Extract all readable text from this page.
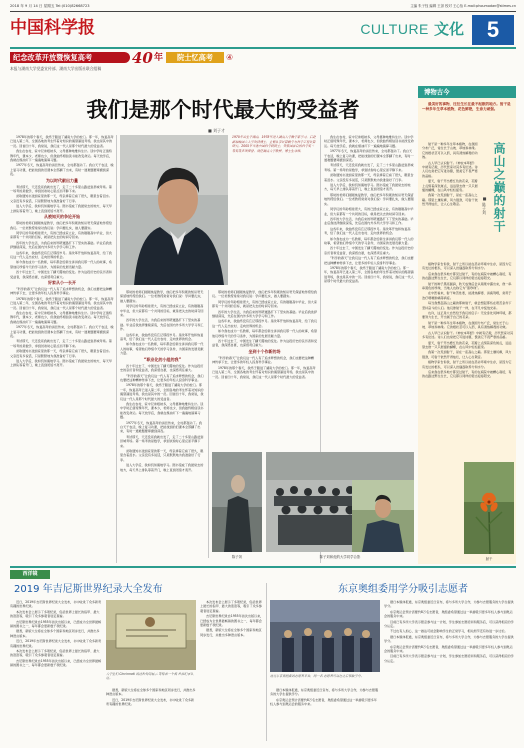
2018 年 9 月 14 日 星期五 Tel:(010)82668723	主编 朱子钰 编辑 王剑 校对 王心怡 E-mail:phoumodan@stimes.cn
中国科学报	CULTURE 文化	5
纪念改革开放暨恢复高考	40 年	院士忆高考	④
本报与湖南大学党委宣传部、湖南大学出版社联合组稿
我们是那个时代最大的受益者
■ 刘子才
1970年出生于湖南，1978年进入湖南大学数学系学习，后赴新加坡国立大学攻读博士，主要从事计算数学与科学工程计算研究。2005年当选中国科学院院士，曾获国家自然科学奖二等奖等多项荣誉。现任湖南大学教授、博士生导师。
1978年的那个春天，我终于踏进了湖南大学的校门。那一年，恢复高考已进入第二年，全国各地的考生怀着对知识的渴望涌进考场，我也是其中的一员。回首四十年，我常说，我们这一代人是那个时代最大的受益者。
我生在农村，家中兄弟姐妹多，父母靠种地维持生计。读中学时正值特殊年代，课本少，老师也少，但我始终相信读书能改变命运。每天放学后，我就在煤油灯下一遍遍地演算习题。
1977年冬天，恢复高考的消息传来，全村都轰动了。我白天干农活，晚上复习功课，把能找到的旧课本全部翻了出来，有时一道难题要琢磨到深夜。
为以时代献出力量
考试那天，天还没亮我就出发了，走了二十多里山路赶到县城考场。第一场考的是数学，拿到试卷时心里反而平静下来。
录取通知书送到家里的那一天，母亲捧着它看了很久，眼里含着泪水。父亲没有多说话，只是默默地为我准备好了行李。
进入大学后，我如饥似渴地学习。图书馆成了我最常去的地方，每天早上排队等着开门，晚上直到闭馆才离开。
从被知天的争论开始
那时的老师们刚刚恢复教学，他们把多年积累的知识毫无保留地传授给我们。一位老教授常常对我们说：学问要扎实，做人要踏实。
同学们的年龄相差很大，有的已经成家立业，有的刚刚高中毕业，但大家都有一个共同的目标，就是把失去的时间夺回来。
四年的大学生活，为我后来的科研道路打下了坚实的基础。毕业后我选择继续深造，先后在国内外多所大学学习和工作。
这些年来，我始终没有忘记那段岁月。是改革开放和恢复高考，给了我们这一代人走出农村、走向世界的机会。
如今我也成为一名教师，每年都会给新生讲讲我们那一代人的故事，希望他们珍惜今天的学习条件，为国家的发展贡献力量。
四十年过去了，中国发生了翻天覆地的变化。作为这段历史的亲历者和受益者，我深感自豪，也深感责任重大。
好家从小一长开
“科学的春天”让我们这一代人有了追求梦想的机会，我们也要把这种精神传承下去，让更多的年轻人投身科学事业。
1978年的那个春天，我终于踏进了湖南大学的校门。那一年，恢复高考已进入第二年，全国各地的考生怀着对知识的渴望涌进考场，我也是其中的一员。回首四十年，我常说，我们这一代人是那个时代最大的受益者。
我生在农村，家中兄弟姐妹多，父母靠种地维持生计。读中学时正值特殊年代，课本少，老师也少，但我始终相信读书能改变命运。每天放学后，我就在煤油灯下一遍遍地演算习题。
1977年冬天，恢复高考的消息传来，全村都轰动了。我白天干农活，晚上复习功课，把能找到的旧课本全部翻了出来，有时一道难题要琢磨到深夜。
考试那天，天还没亮我就出发了，走了二十多里山路赶到县城考场。第一场考的是数学，拿到试卷时心里反而平静下来。
录取通知书送到家里的那一天，母亲捧着它看了很久，眼里含着泪水。父亲没有多说话，只是默默地为我准备好了行李。
进入大学后，我如饥似渴地学习。图书馆成了我最常去的地方，每天早上排队等着开门，晚上直到闭馆才离开。
那时的老师们刚刚恢复教学，他们把多年积累的知识毫无保留地传授给我们。一位老教授常常对我们说：学问要扎实，做人要踏实。
同学们的年龄相差很大，有的已经成家立业，有的刚刚高中毕业，但大家都有一个共同的目标，就是把失去的时间夺回来。
四年的大学生活，为我后来的科研道路打下了坚实的基础。毕业后我选择继续深造，先后在国内外多所大学学习和工作。
这些年来，我始终没有忘记那段岁月。是改革开放和恢复高考，给了我们这一代人走出农村、走向世界的机会。
如今我也成为一名教师，每年都会给新生讲讲我们那一代人的故事，希望他们珍惜今天的学习条件，为国家的发展贡献力量。
“职业化的小组的我”
四十年过去了，中国发生了翻天覆地的变化。作为这段历史的亲历者和受益者，我深感自豪，也深感责任重大。
“科学的春天”让我们这一代人有了追求梦想的机会，我们也要把这种精神传承下去，让更多的年轻人投身科学事业。
1978年的那个春天，我终于踏进了湖南大学的校门。那一年，恢复高考已进入第二年，全国各地的考生怀着对知识的渴望涌进考场，我也是其中的一员。回首四十年，我常说，我们这一代人是那个时代最大的受益者。
我生在农村，家中兄弟姐妹多，父母靠种地维持生计。读中学时正值特殊年代，课本少，老师也少，但我始终相信读书能改变命运。每天放学后，我就在煤油灯下一遍遍地演算习题。
1977年冬天，恢复高考的消息传来，全村都轰动了。我白天干农活，晚上复习功课，把能找到的旧课本全部翻了出来，有时一道难题要琢磨到深夜。
考试那天，天还没亮我就出发了，走了二十多里山路赶到县城考场。第一场考的是数学，拿到试卷时心里反而平静下来。
录取通知书送到家里的那一天，母亲捧着它看了很久，眼里含着泪水。父亲没有多说话，只是默默地为我准备好了行李。
进入大学后，我如饥似渴地学习。图书馆成了我最常去的地方，每天早上排队等着开门，晚上直到闭馆才离开。
那时的老师们刚刚恢复教学，他们把多年积累的知识毫无保留地传授给我们。一位老教授常常对我们说：学问要扎实，做人要踏实。
同学们的年龄相差很大，有的已经成家立业，有的刚刚高中毕业，但大家都有一个共同的目标，就是把失去的时间夺回来。
四年的大学生活，为我后来的科研道路打下了坚实的基础。毕业后我选择继续深造，先后在国内外多所大学学习和工作。
这些年来，我始终没有忘记那段岁月。是改革开放和恢复高考，给了我们这一代人走出农村、走向世界的机会。
如今我也成为一名教师，每年都会给新生讲讲我们那一代人的故事，希望他们珍惜今天的学习条件，为国家的发展贡献力量。
四十年过去了，中国发生了翻天覆地的变化。作为这段历史的亲历者和受益者，我深感自豪，也深感责任重大。
坐到十个作新的场
“科学的春天”让我们这一代人有了追求梦想的机会，我们也要把这种精神传承下去，让更多的年轻人投身科学事业。
1978年的那个春天，我终于踏进了湖南大学的校门。那一年，恢复高考已进入第二年，全国各地的考生怀着对知识的渴望涌进考场，我也是其中的一员。回首四十年，我常说，我们这一代人是那个时代最大的受益者。
我生在农村，家中兄弟姐妹多，父母靠种地维持生计。读中学时正值特殊年代，课本少，老师也少，但我始终相信读书能改变命运。每天放学后，我就在煤油灯下一遍遍地演算习题。
1977年冬天，恢复高考的消息传来，全村都轰动了。我白天干农活，晚上复习功课，把能找到的旧课本全部翻了出来，有时一道难题要琢磨到深夜。
考试那天，天还没亮我就出发了，走了二十多里山路赶到县城考场。第一场考的是数学，拿到试卷时心里反而平静下来。
录取通知书送到家里的那一天，母亲捧着它看了很久，眼里含着泪水。父亲没有多说话，只是默默地为我准备好了行李。
进入大学后，我如饥似渴地学习。图书馆成了我最常去的地方，每天早上排队等着开门，晚上直到闭馆才离开。
那时的老师们刚刚恢复教学，他们把多年积累的知识毫无保留地传授给我们。一位老教授常常对我们说：学问要扎实，做人要踏实。
同学们的年龄相差很大，有的已经成家立业，有的刚刚高中毕业，但大家都有一个共同的目标，就是把失去的时间夺回来。
四年的大学生活，为我后来的科研道路打下了坚实的基础。毕业后我选择继续深造，先后在国内外多所大学学习和工作。
这些年来，我始终没有忘记那段岁月。是改革开放和恢复高考，给了我们这一代人走出农村、走向世界的机会。
如今我也成为一名教师，每年都会给新生讲讲我们那一代人的故事，希望他们珍惜今天的学习条件，为国家的发展贡献力量。
四十年过去了，中国发生了翻天覆地的变化。作为这段历史的亲历者和受益者，我深感自豪，也深感责任重大。
“科学的春天”让我们这一代人有了追求梦想的机会，我们也要把这种精神传承下去，让更多的年轻人投身科学事业。
1978年的那个春天，我终于踏进了湖南大学的校门。那一年，恢复高考已进入第二年，全国各地的考生怀着对知识的渴望涌进考场，我也是其中的一员。回首四十年，我常说，我们这一代人是那个时代最大的受益者。
陈子刘	陈子刘和他的大学同学合影
博物古今
最美好的事物，往往生长在最不起眼的地方。射干是一种多年生草本植物，花色鲜艳，生命力顽强。
高山之巅的射干
■ 陈子刘
射干是一种多年生草本植物，在我国分布广泛，常生长于山坡、草地和林缘。它的根状茎可以入药，具有清热解毒的功效。
古人早已认识射干。《神农本草经》中就有记载，历代医家对其多有论述。诗人们也常把它写进诗篇，赞美它不畏严寒的品格。
夏天，射干开出橙红色的花朵，花瓣上点缀着深色斑点，远远望去像一只只展翅的蝴蝶，在山风中轻轻摇曳。
我第一次见到射干，是在一座高山之巅。那里土壤贫瘠，风力强劲，可射干依然开得灿烂，让人心生敬意。
植物学家告诉我，射干之所以能在恶劣环境中生存，是因为它有发达的根系，可以深入岩缝汲取养分和水分。
后来我在很多地方都见过射干，有的在庭院中被精心栽培，有的在路边野生生长，它们都以同样的姿态迎接阳光。
射干的种子黑亮圆润，秋天成熟后会从蒴果中露出来，像一串串黑色的珍珠，当地人也称它为“黑珍珠”。
在中医看来，射干味苦性寒，能清热解毒、消痰利咽，常用于治疗咽喉肿痛等病症。
每当我想起高山之巅的那株射干，就会想起那些在艰苦条件下坚持奋斗的人们。他们像射干一样，在平凡中绽放光彩。
也许，这正是大自然给予我们的启示：无论身处何种环境，都要努力生长，开出属于自己的花朵。
射干是一种多年生草本植物，在我国分布广泛，常生长于山坡、草地和林缘。它的根状茎可以入药，具有清热解毒的功效。
古人早已认识射干。《神农本草经》中就有记载，历代医家对其多有论述。诗人们也常把它写进诗篇，赞美它不畏严寒的品格。
夏天，射干开出橙红色的花朵，花瓣上点缀着深色斑点，远远望去像一只只展翅的蝴蝶，在山风中轻轻摇曳。
我第一次见到射干，是在一座高山之巅。那里土壤贫瘠，风力强劲，可射干依然开得灿烂，让人心生敬意。
植物学家告诉我，射干之所以能在恶劣环境中生存，是因为它有发达的根系，可以深入岩缝汲取养分和水分。
后来我在很多地方都见过射干，有的在庭院中被精心栽培，有的在路边野生生长，它们都以同样的姿态迎接阳光。
射干
西洋镜
2019 年吉尼斯世界纪录大全发布	东京奥组委用学分吸引志愿者
近日，2019年吉尼斯世界纪录大全发布，书中收录了众多新奇有趣的世界纪录。
本次发布会上展示了多项纪录，包括世界上最长的指甲、最大的泡泡等，吸引了众多参观者驻足观看。
吉尼斯世界纪录自1955年首次出版以来，已经成为全世界最畅销的图书之一，每年都会更新数千项纪录。
据悉，新版大全将在全球多个国家和地区同步发行，并推出多种语言版本。
近日，2019年吉尼斯世界纪录大全发布，书中收录了众多新奇有趣的世界纪录。
本次发布会上展示了多项纪录，包括世界上最长的指甲、最大的泡泡等，吸引了众多参观者驻足观看。
吉尼斯世界纪录自1955年首次出版以来，已经成为全世界最畅销的图书之一，每年都会更新数千项纪录。
大学生们 Cincinnati 的这种发明展示 等待着一个被 世界纪录认证。
据悉，新版大全将在全球多个国家和地区同步发行，并推出多种语言版本。
近日，2019年吉尼斯世界纪录大全发布，书中收录了众多新奇有趣的世界纪录。
本次发布会上展示了多项纪录，包括世界上最长的指甲、最大的泡泡等，吸引了众多参观者驻足观看。
吉尼斯世界纪录自1955年首次出版以来，已经成为全世界最畅销的图书之一，每年都会更新数千项纪录。
据悉，新版大全将在全球多个国家和地区同步发行，并推出多种语言版本。
通过东京奥组委的志愿者平台，同一名 志愿者可以在之后领取学分。
据日本媒体报道，东京奥组委近日宣布，将与多所大学合作，为参与志愿服务的大学生提供学分。
东京奥运会预计需要约8万名志愿者，奥组委希望通过这一举措吸引更多年轻人参与到奥运会的服务中来。
据日本媒体报道，东京奥组委近日宣布，将与多所大学合作，为参与志愿服务的大学生提供学分。
东京奥运会预计需要约8万名志愿者，奥组委希望通过这一举措吸引更多年轻人参与到奥运会的服务中来。
目前已有多所大学表示愿意参与这一计划，学生参加志愿培训和服务后，可以获得相应的学分认定。
不过也有人担心，这一做法可能会影响学生的正常学习，相关细节还有待进一步讨论。
据日本媒体报道，东京奥组委近日宣布，将与多所大学合作，为参与志愿服务的大学生提供学分。
东京奥运会预计需要约8万名志愿者，奥组委希望通过这一举措吸引更多年轻人参与到奥运会的服务中来。
目前已有多所大学表示愿意参与这一计划，学生参加志愿培训和服务后，可以获得相应的学分认定。
